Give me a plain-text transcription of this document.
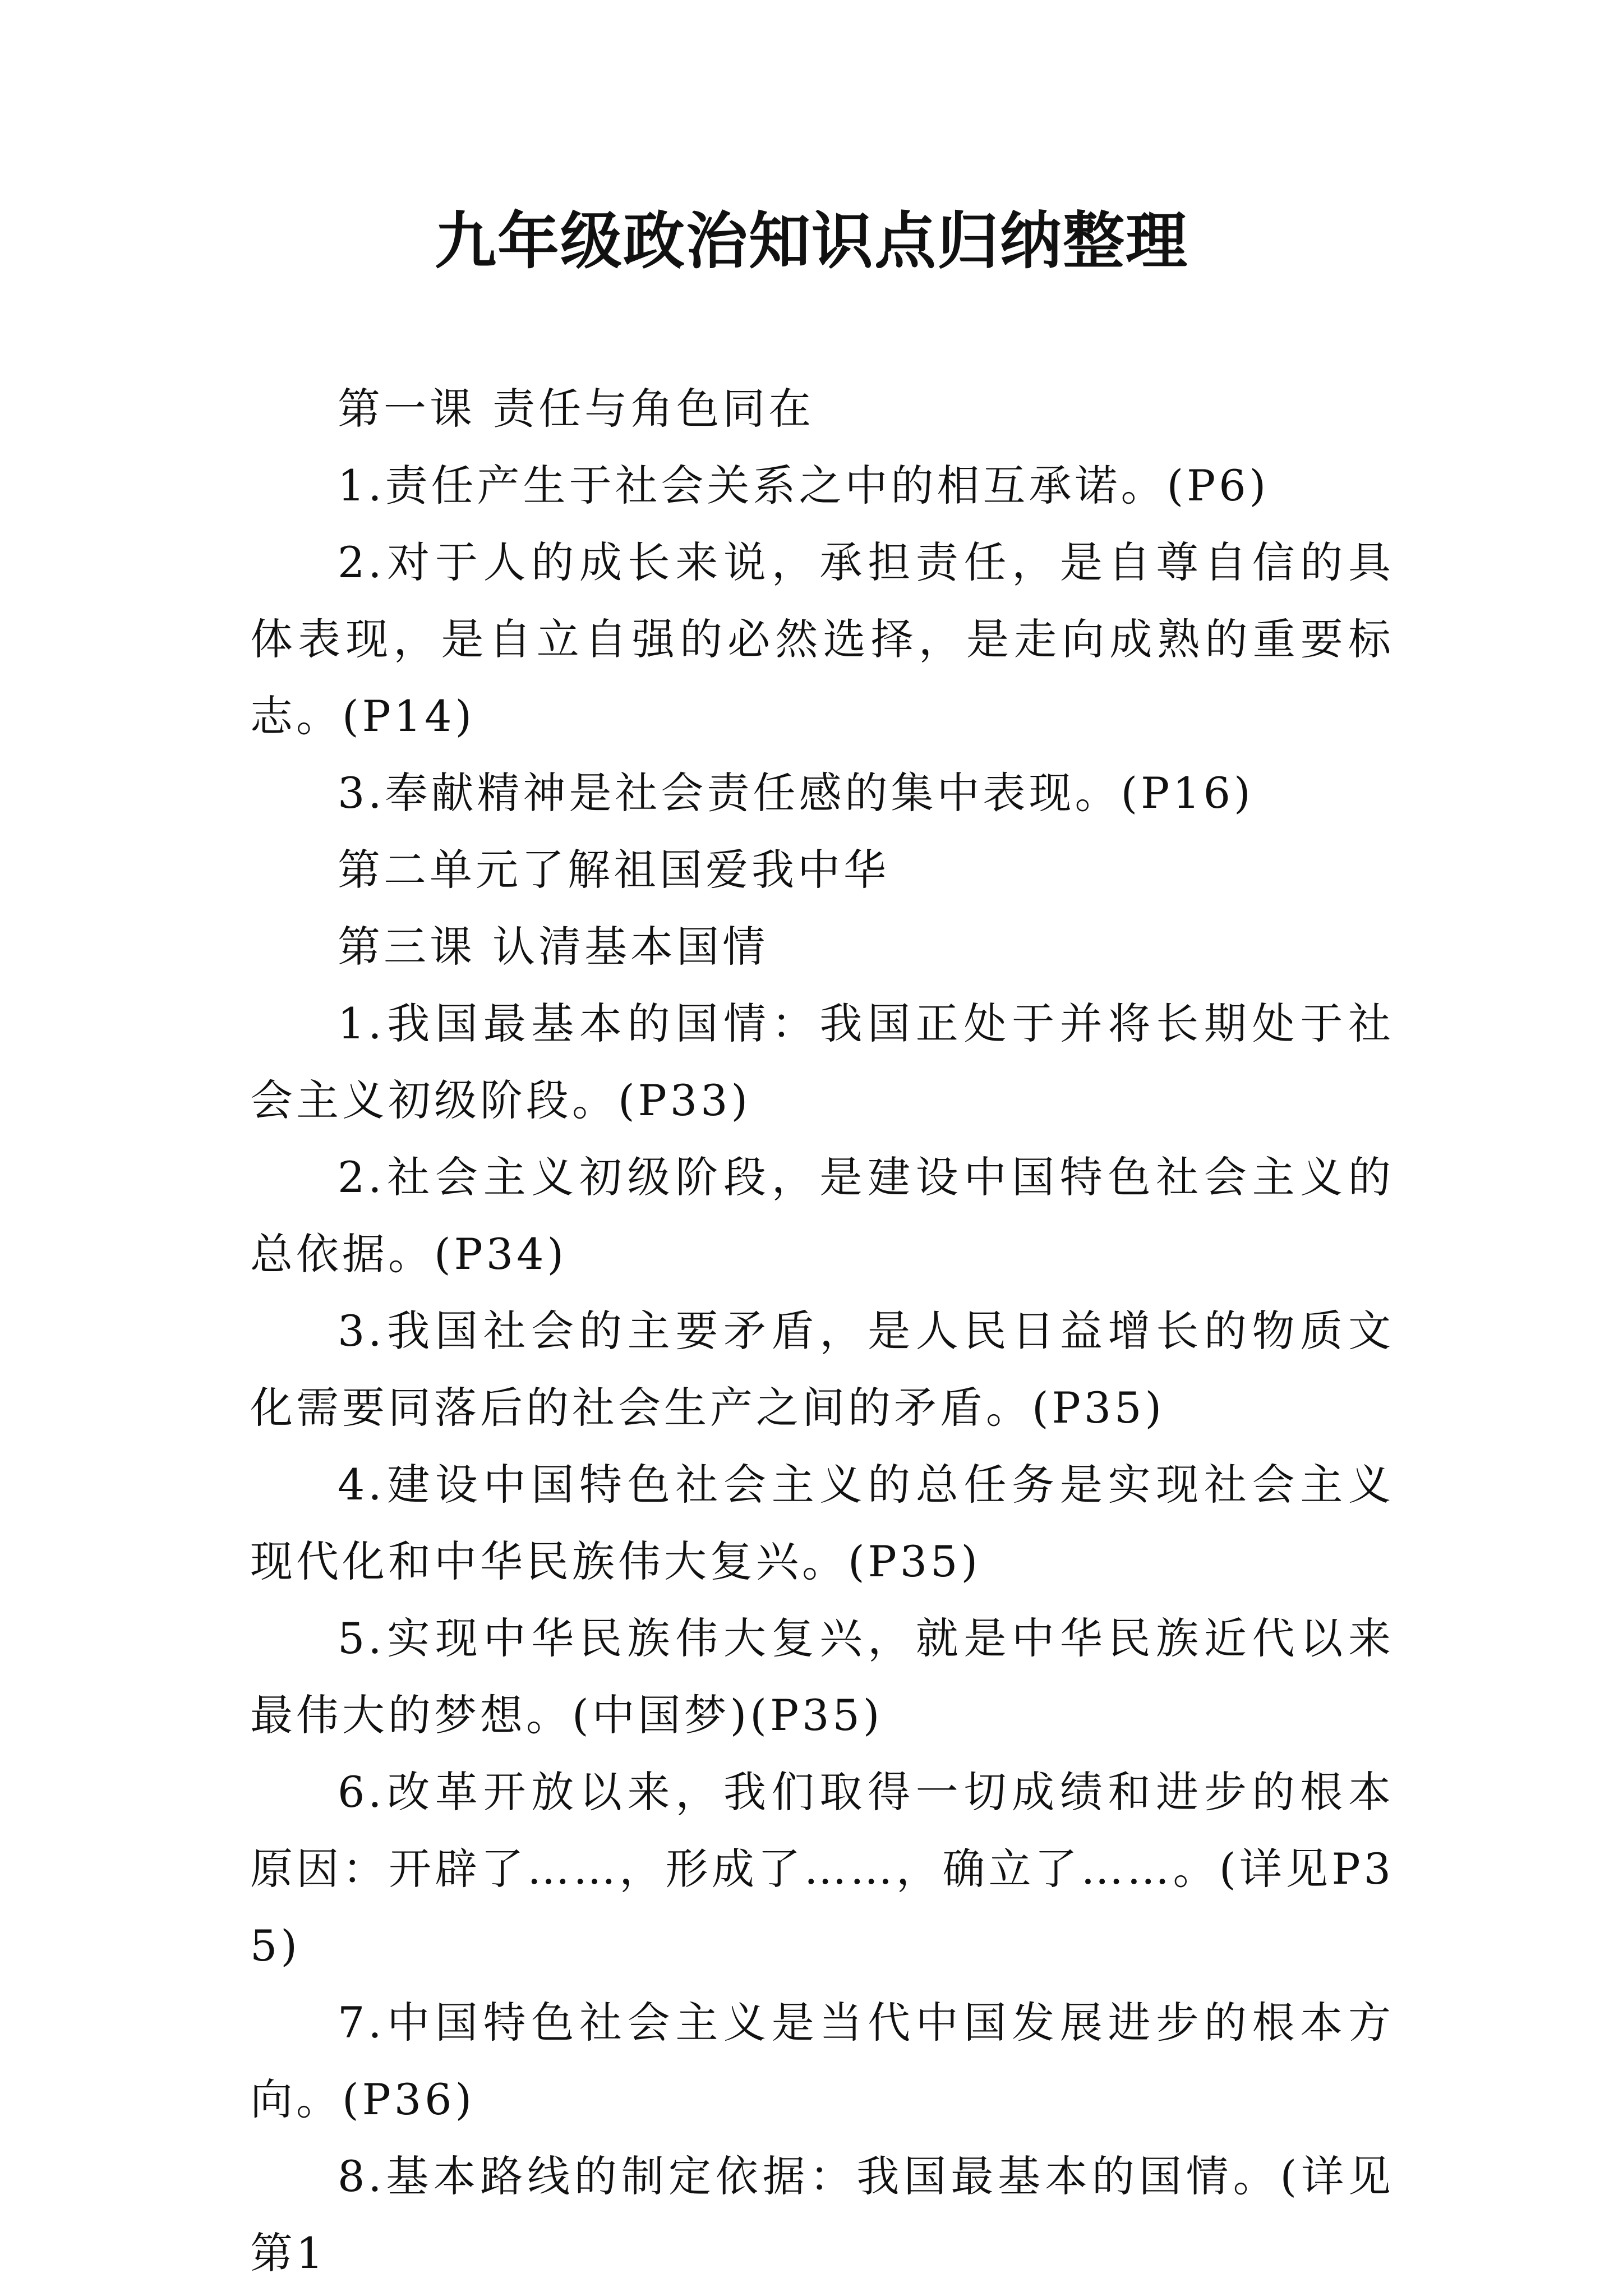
九年级政治知识点归纳整理

第一课 责任与角色同在

1.责任产生于社会关系之中的相互承诺。(P6)

2.对于人的成长来说，承担责任，是自尊自信的具体表现，是自立自强的必然选择，是走向成熟的重要标志。(P14)

3.奉献精神是社会责任感的集中表现。(P16)

第二单元了解祖国爱我中华

第三课 认清基本国情

1.我国最基本的国情：我国正处于并将长期处于社会主义初级阶段。(P33)

2.社会主义初级阶段，是建设中国特色社会主义的总依据。(P34)

3.我国社会的主要矛盾，是人民日益增长的物质文化需要同落后的社会生产之间的矛盾。(P35)

4.建设中国特色社会主义的总任务是实现社会主义现代化和中华民族伟大复兴。(P35)

5.实现中华民族伟大复兴，就是中华民族近代以来最伟大的梦想。(中国梦)(P35)

6.改革开放以来，我们取得一切成绩和进步的根本原因：开辟了……，形成了……，确立了……。(详见P35)

7.中国特色社会主义是当代中国发展进步的根本方向。(P36)

8.基本路线的制定依据：我国最基本的国情。(详见第1
